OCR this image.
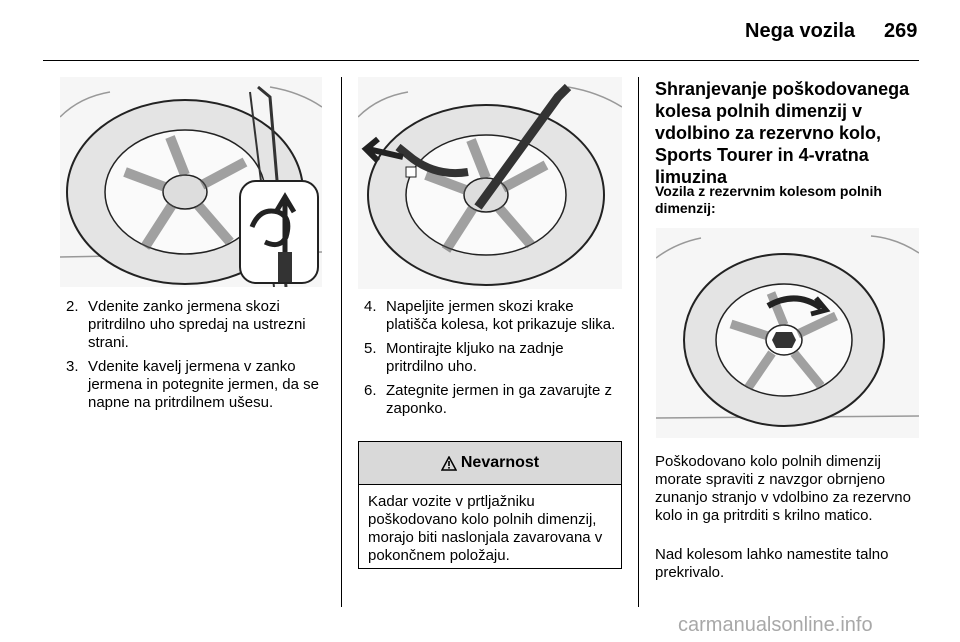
Nega vozila 269
2. Vdenite zanko jermena skozi pritrdilno uho spredaj na ustrezni strani.
3. Vdenite kavelj jermena v zanko jermena in potegnite jermen, da se napne na pritrdilnem ušesu.
4. Napeljite jermen skozi krake platišča kolesa, kot prikazuje slika.
5. Montirajte kljuko na zadnje pritrdilno uho.
6. Zategnite jermen in ga zavarujte z zaponko.
Nevarnost
Kadar vozite v prtljažniku poškodovano kolo polnih dimenzij, morajo biti naslonjala zavarovana v pokončnem položaju.
Shranjevanje poškodovanega kolesa polnih dimenzij v vdolbino za rezervno kolo, Sports Tourer in 4-vratna limuzina
Vozila z rezervnim kolesom polnih dimenzij:

Poškodovano kolo polnih dimenzij morate spraviti z navzgor obrnjeno zunanjo stranjo v vdolbino za rezervno kolo in ga pritrditi s krilno matico.

Nad kolesom lahko namestite talno prekrivalo.

carmanualsonline.info
